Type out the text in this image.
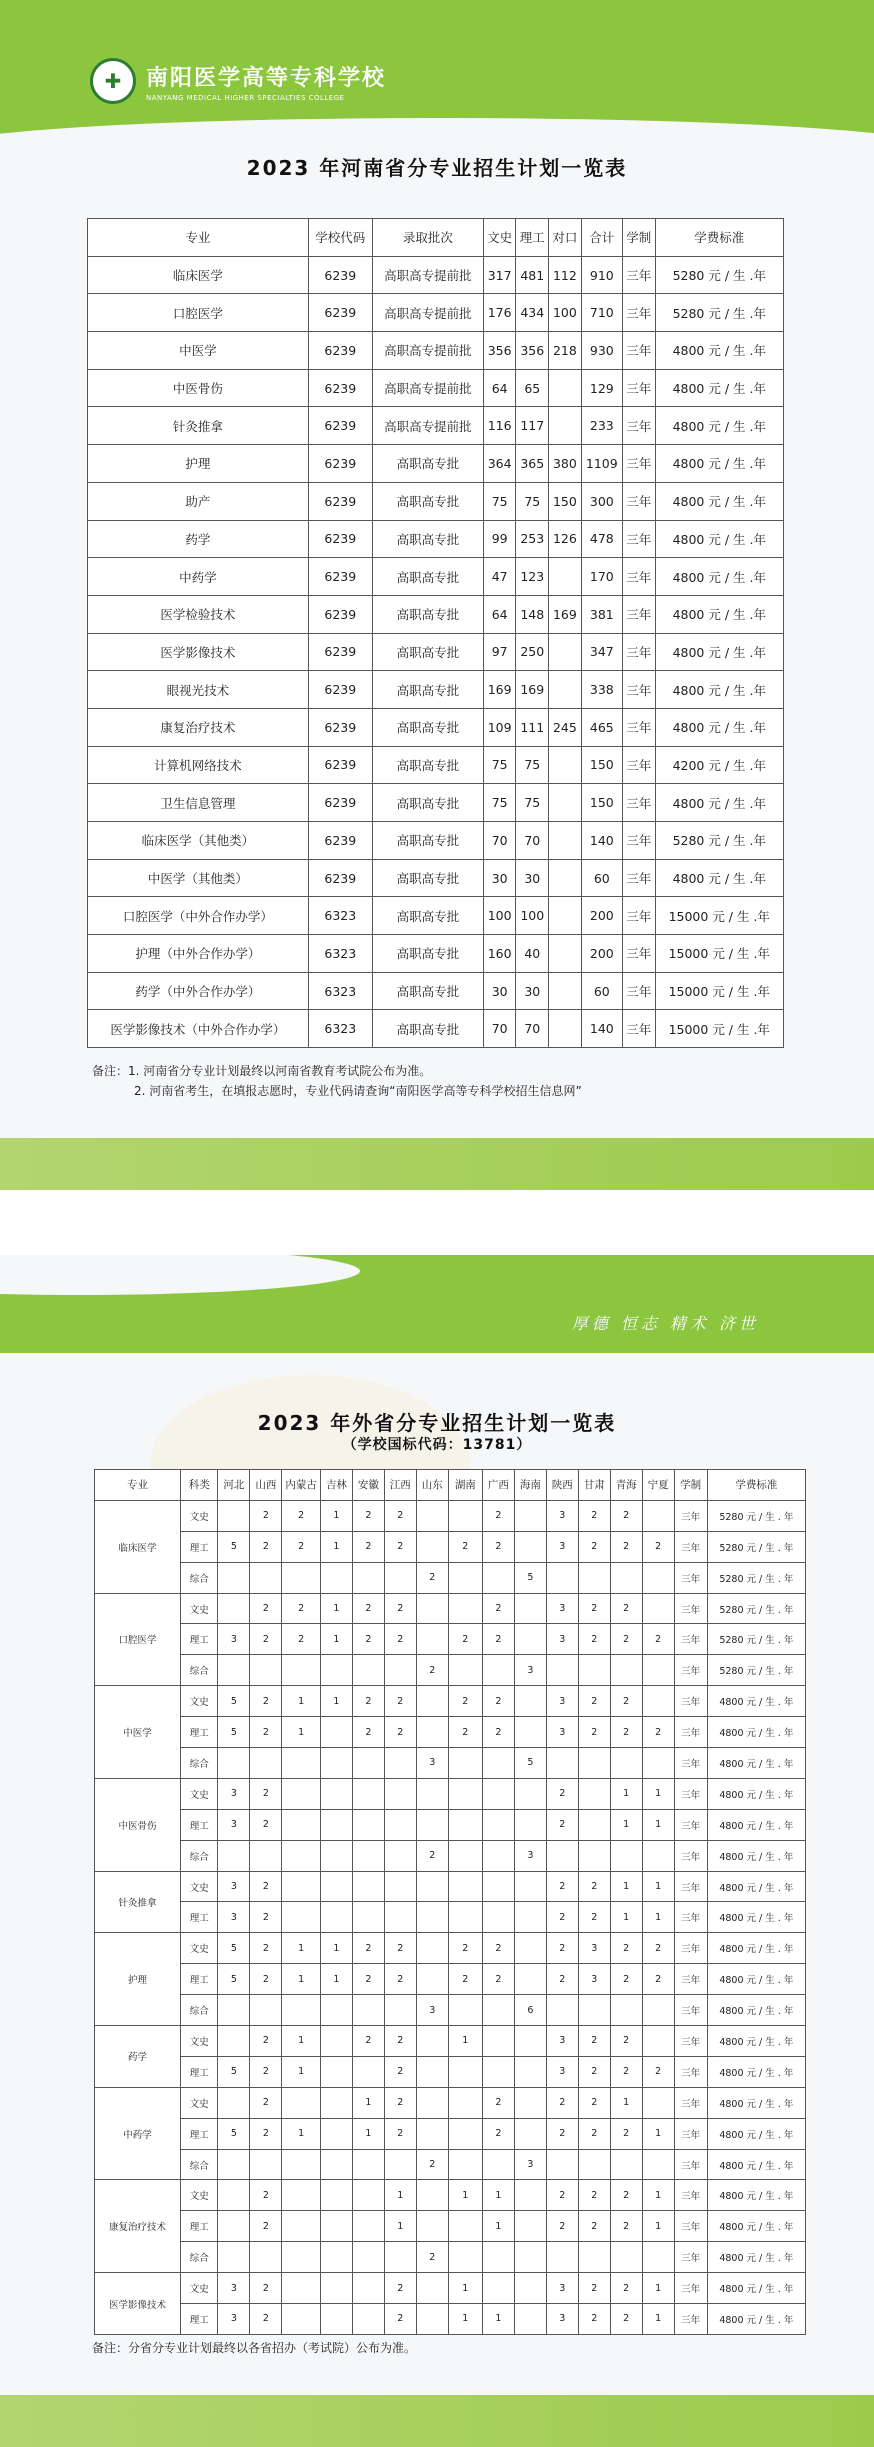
✚	南阳医学高等专科学校
NANYANG MEDICAL HIGHER SPECIALTIES COLLEGE
2023 年河南省分专业招生计划一览表
专业	学校代码	录取批次	文史	理工	对口	合计	学制	学费标准
临床医学	6239	高职高专提前批	317	481	112	910	三年	5280 元 / 生 .年
口腔医学	6239	高职高专提前批	176	434	100	710	三年	5280 元 / 生 .年
中医学	6239	高职高专提前批	356	356	218	930	三年	4800 元 / 生 .年
中医骨伤	6239	高职高专提前批	64	65		129	三年	4800 元 / 生 .年
针灸推拿	6239	高职高专提前批	116	117		233	三年	4800 元 / 生 .年
护理	6239	高职高专批	364	365	380	1109	三年	4800 元 / 生 .年
助产	6239	高职高专批	75	75	150	300	三年	4800 元 / 生 .年
药学	6239	高职高专批	99	253	126	478	三年	4800 元 / 生 .年
中药学	6239	高职高专批	47	123		170	三年	4800 元 / 生 .年
医学检验技术	6239	高职高专批	64	148	169	381	三年	4800 元 / 生 .年
医学影像技术	6239	高职高专批	97	250		347	三年	4800 元 / 生 .年
眼视光技术	6239	高职高专批	169	169		338	三年	4800 元 / 生 .年
康复治疗技术	6239	高职高专批	109	111	245	465	三年	4800 元 / 生 .年
计算机网络技术	6239	高职高专批	75	75		150	三年	4200 元 / 生 .年
卫生信息管理	6239	高职高专批	75	75		150	三年	4800 元 / 生 .年
临床医学（其他类）	6239	高职高专批	70	70		140	三年	5280 元 / 生 .年
中医学（其他类）	6239	高职高专批	30	30		60	三年	4800 元 / 生 .年
口腔医学（中外合作办学）	6323	高职高专批	100	100		200	三年	15000 元 / 生 .年
护理（中外合作办学）	6323	高职高专批	160	40		200	三年	15000 元 / 生 .年
药学（中外合作办学）	6323	高职高专批	30	30		60	三年	15000 元 / 生 .年
医学影像技术（中外合作办学）	6323	高职高专批	70	70		140	三年	15000 元 / 生 .年
备注：1. 河南省分专业计划最终以河南省教育考试院公布为准。
2. 河南省考生，在填报志愿时，专业代码请查询“南阳医学高等专科学校招生信息网”
厚德 恒志 精术 济世
2023 年外省分专业招生计划一览表
（学校国标代码：13781）
专业	科类	河北	山西	内蒙古	吉林	安徽	江西	山东	湖南	广西	海南	陕西	甘肃	青海	宁夏	学制	学费标准
临床医学	文史		2	2	1	2	2			2		3	2	2		三年	5280 元 / 生 . 年
	理工	5	2	2	1	2	2		2	2		3	2	2	2	三年	5280 元 / 生 . 年
	综合							2			5					三年	5280 元 / 生 . 年
口腔医学	文史		2	2	1	2	2			2		3	2	2		三年	5280 元 / 生 . 年
	理工	3	2	2	1	2	2		2	2		3	2	2	2	三年	5280 元 / 生 . 年
	综合							2			3					三年	5280 元 / 生 . 年
中医学	文史	5	2	1	1	2	2		2	2		3	2	2		三年	4800 元 / 生 . 年
	理工	5	2	1		2	2		2	2		3	2	2	2	三年	4800 元 / 生 . 年
	综合							3			5					三年	4800 元 / 生 . 年
中医骨伤	文史	3	2									2		1	1	三年	4800 元 / 生 . 年
	理工	3	2									2		1	1	三年	4800 元 / 生 . 年
	综合							2			3					三年	4800 元 / 生 . 年
针灸推拿	文史	3	2									2	2	1	1	三年	4800 元 / 生 . 年
	理工	3	2									2	2	1	1	三年	4800 元 / 生 . 年
护理	文史	5	2	1	1	2	2		2	2		2	3	2	2	三年	4800 元 / 生 . 年
	理工	5	2	1	1	2	2		2	2		2	3	2	2	三年	4800 元 / 生 . 年
	综合							3			6					三年	4800 元 / 生 . 年
药学	文史		2	1		2	2		1			3	2	2		三年	4800 元 / 生 . 年
	理工	5	2	1			2					3	2	2	2	三年	4800 元 / 生 . 年
中药学	文史		2			1	2			2		2	2	1		三年	4800 元 / 生 . 年
	理工	5	2	1		1	2			2		2	2	2	1	三年	4800 元 / 生 . 年
	综合							2			3					三年	4800 元 / 生 . 年
康复治疗技术	文史		2				1		1	1		2	2	2	1	三年	4800 元 / 生 . 年
	理工		2				1			1		2	2	2	1	三年	4800 元 / 生 . 年
	综合							2								三年	4800 元 / 生 . 年
医学影像技术	文史	3	2				2		1			3	2	2	1	三年	4800 元 / 生 . 年
	理工	3	2				2		1	1		3	2	2	1	三年	4800 元 / 生 . 年
备注：分省分专业计划最终以各省招办（考试院）公布为准。
